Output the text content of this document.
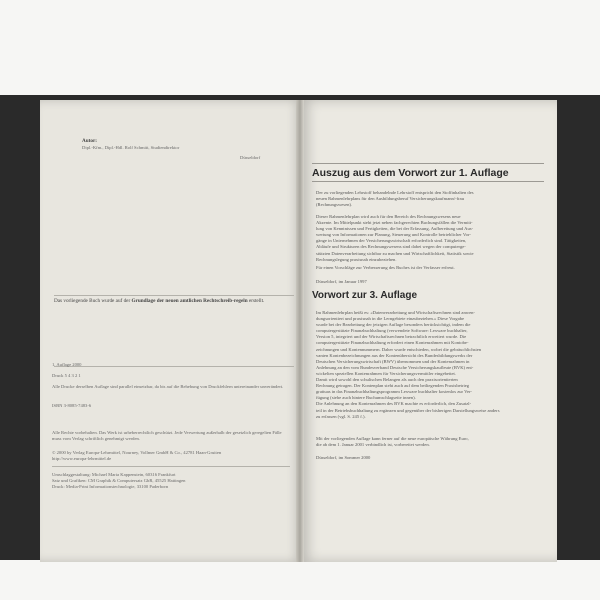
Autor:
Dipl.-Kfm., Dipl.-Hdl. Rolf Schmitt, Studiendirektor
Düsseldorf
Das vorliegende Buch wurde auf der Grundlage der neuen amtlichen Rechtschreib-regeln erstellt.
1. Auflage 2000
Druck 5 4 3 2 1
Alle Drucke derselben Auflage sind parallel einsetzbar, da bis auf die Behebung von Druckfehlern untereinander unverändert.
ISBN 3-8085-7483-6
Alle Rechte vorbehalten. Das Werk ist urheberrechtlich geschützt. Jede Verwertung außerhalb der gesetzlich geregelten Fälle muss vom Verlag schriftlich genehmigt werden.
© 2000 by Verlag Europa-Lehrmittel, Nourney, Vollmer GmbH & Co., 42781 Haan-Gruiten
http://www.europa-lehrmittel.de
Umschlaggestaltung: Michael Maria Kappenstein, 60316 Frankfurt
Satz und Grafiken: CM Graphik & Computersatz GbR, 45525 Hattingen
Druck: Media-Print Informationstechnologie, 33100 Paderborn
Auszug aus dem Vorwort zur 1. Auflage
Der zu vorliegenden Lehrstoff behandelnde Lehrstoff entspricht den Stoffinhalten des
neuen Rahmenlehrplans für den Ausbildungsberuf Versicherungskaufmann/-frau
(Rechnungswesen).
Dieser Rahmenlehrplan wird auch für den Bereich des Rechnungswesens neue
Akzente. Im Mittelpunkt steht jetzt neben fachgerechten Buchungsfällen die Vermitt-
lung von Kenntnissen und Fertigkeiten, die bei der Erfassung, Aufbereitung und Aus-
wertung von Informationen zur Planung, Steuerung und Kontrolle betrieblicher Vor-
gänge in Unternehmen der Versicherungswirtschaft erforderlich sind. Tätigkeiten,
Abläufe und Strukturen des Rechnungswesens sind dabei wegen der computerge-
stützten Datenverarbeitung sichtbar zu machen und Wirtschaftlichkeit, Statistik sowie
Rechnungslegung praxisnah einzubeziehen.
Für einen Vorschläge zur Verbesserung des Buches ist der Verfasser erfreut.
Düsseldorf, im Januar 1997
Vorwort zur 3. Auflage
Im Rahmenlehrplan heißt es: «Datenverarbeitung und Wirtschaftsrechnen sind anwen-
dungsorientiert und praxisnah in die Lerngebiete einzubeziehen.» Diese Vorgabe
wurde bei der Bearbeitung der jetzigen Auflage besonders berücksichtigt, indem die
computergestützte Finanzbuchhaltung (verwendete Software: Lexware buchhalter,
Version 5, integriert und der Wirtschaftsrechnen betrachtlich erweitert wurde. Die
computergestützte Finanzbuchhaltung erfordert einen Kontenrahmen mit Kontobe-
zeichnungen und Kontennummern. Daher wurde entschieden, wobei die gebräuchlichsten
vanten Kontenbezeichnungen aus der Kontenübersicht des Bundesbildungswerks der
Deutschen Versicherungswirtschaft (BWV) übernommen und der Kontenrahmen in
Anlehnung an den vom Bundesverband Deutsche Versicherungskaufleute (BVK) ent-
wickelten speziellen Kontenrahmen für Versicherungsvermittler eingebettet.
Damit wird sowohl den schulischen Belangen als auch den praxisorientierten
Rechnung getragen. Der Kontenplan steht auch auf dem beiliegenden Praxisbetrieg
grattuas in das Finanzbuchhaltungsprogramm Lexware buchhalter kostenlos zur Ver-
fügung (siehe auch hintere Buchumschlagseite innen).
Die Anlehnung an den Kontenrahmen des BVK machte es erforderlich, den Zusatzl-
teil in der Betriebsbuchhaltung zu ergänzen und gegenüber der bisherigen Darstellungsweise anders
zu erfassen (vgl. S. 245 f.).
Mit der vorliegenden Auflage kann ferner auf die neue europäische Währung Euro,
die ab dem 1. Januar 2001 verbindlich ist, vorbereitet werden.
Düsseldorf, im Sommer 2000
